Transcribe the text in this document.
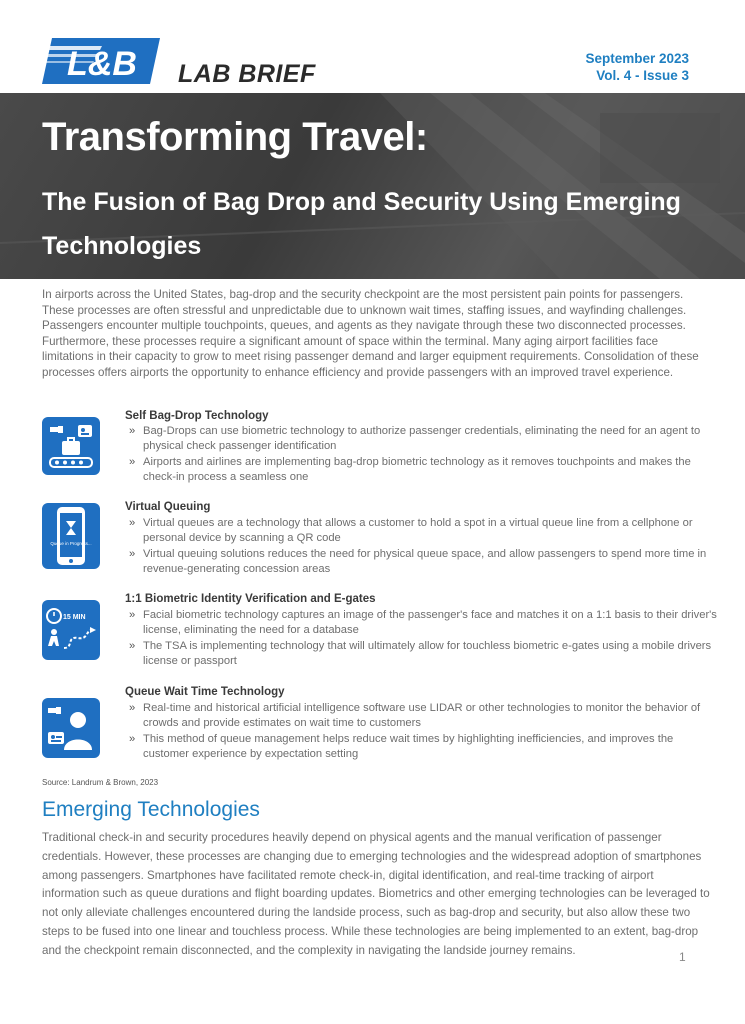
L&B LAB BRIEF
September 2023
Vol. 4 - Issue 3
Transforming Travel:
The Fusion of Bag Drop and Security Using Emerging Technologies

In airports across the United States, bag-drop and the security checkpoint are the most persistent pain points for passengers. These processes are often stressful and unpredictable due to unknown wait times, staffing issues, and wayfinding challenges. Passengers encounter multiple touchpoints, queues, and agents as they navigate through these two disconnected processes. Furthermore, these processes require a significant amount of space within the terminal. Many aging airport facilities face limitations in their capacity to grow to meet rising passenger demand and larger equipment requirements. Consolidation of these processes offers airports the opportunity to enhance efficiency and provide passengers with an improved travel experience.

Self Bag-Drop Technology
» Bag-Drops can use biometric technology to authorize passenger credentials, eliminating the need for an agent to physical check passenger identification
» Airports and airlines are implementing bag-drop biometric technology as it removes touchpoints and makes the check-in process a seamless one
Queue in Progress...
Virtual Queuing
» Virtual queues are a technology that allows a customer to hold a spot in a virtual queue line from a cellphone or personal device by scanning a QR code
» Virtual queuing solutions reduces the need for physical queue space, and allow passengers to spend more time in revenue-generating concession areas
15 MIN
1:1 Biometric Identity Verification and E-gates
» Facial biometric technology captures an image of the passenger's face and matches it on a 1:1 basis to their driver's license, eliminating the need for a database
» The TSA is implementing technology that will ultimately allow for touchless biometric e-gates using a mobile drivers license or passport
Queue Wait Time Technology
» Real-time and historical artificial intelligence software use LIDAR or other technologies to monitor the behavior of crowds and provide estimates on wait time to customers
» This method of queue management helps reduce wait times by highlighting inefficiencies, and improves the customer experience by expectation setting
Source: Landrum & Brown, 2023
Emerging Technologies

Traditional check-in and security procedures heavily depend on physical agents and the manual verification of passenger credentials. However, these processes are changing due to emerging technologies and the widespread adoption of smartphones among passengers. Smartphones have facilitated remote check-in, digital identification, and real-time tracking of airport information such as queue durations and flight boarding updates. Biometrics and other emerging technologies can be leveraged to not only alleviate challenges encountered during the landside process, such as bag-drop and security, but also allow these two steps to be fused into one linear and touchless process. While these technologies are being implemented to an extent, bag-drop and the checkpoint remain disconnected, and the complexity in navigating the landside journey remains.	1
